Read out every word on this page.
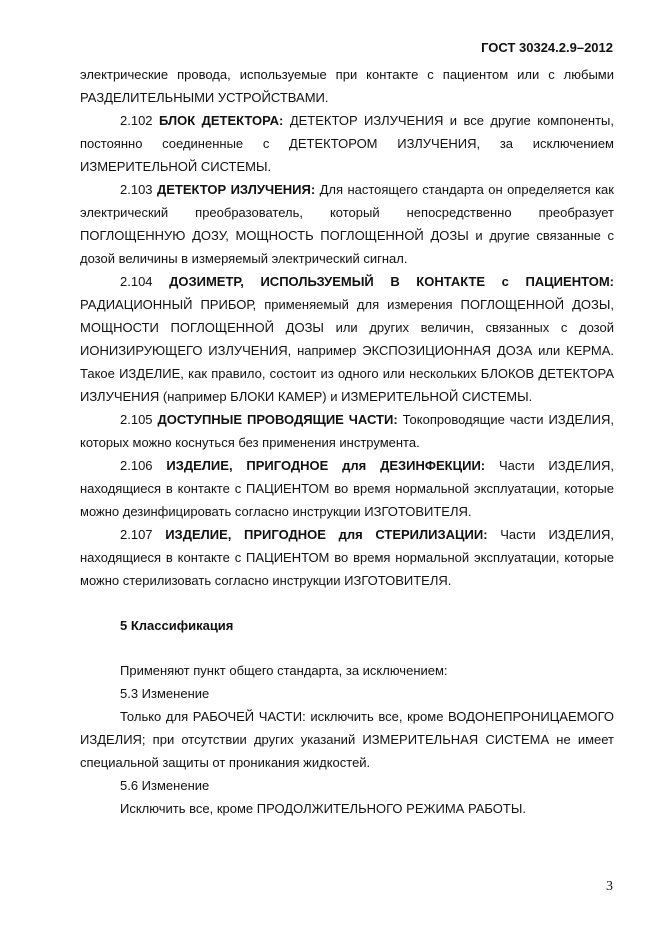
ГОСТ 30324.2.9–2012

электрические провода, используемые при контакте с пациентом или с любыми РАЗДЕЛИТЕЛЬНЫМИ УСТРОЙСТВАМИ.

2.102 БЛОК ДЕТЕКТОРА: ДЕТЕКТОР ИЗЛУЧЕНИЯ и все другие компоненты, постоянно соединенные с ДЕТЕКТОРОМ ИЗЛУЧЕНИЯ, за исключением ИЗМЕРИТЕЛЬНОЙ СИСТЕМЫ.

2.103 ДЕТЕКТОР ИЗЛУЧЕНИЯ: Для настоящего стандарта он определяется как электрический преобразователь, который непосредственно преобразует ПОГЛОЩЕННУЮ ДОЗУ, МОЩНОСТЬ ПОГЛОЩЕННОЙ ДОЗЫ и другие связанные с дозой величины в измеряемый электрический сигнал.

2.104 ДОЗИМЕТР, ИСПОЛЬЗУЕМЫЙ В КОНТАКТЕ с ПАЦИЕНТОМ: РАДИАЦИОННЫЙ ПРИБОР, применяемый для измерения ПОГЛОЩЕННОЙ ДОЗЫ, МОЩНОСТИ ПОГЛОЩЕННОЙ ДОЗЫ или других величин, связанных с дозой ИОНИЗИРУЮЩЕГО ИЗЛУЧЕНИЯ, например ЭКСПОЗИЦИОННАЯ ДОЗА или КЕРМА. Такое ИЗДЕЛИЕ, как правило, состоит из одного или нескольких БЛОКОВ ДЕТЕКТОРА ИЗЛУЧЕНИЯ (например БЛОКИ КАМЕР) и ИЗМЕРИТЕЛЬНОЙ СИСТЕМЫ.

2.105 ДОСТУПНЫЕ ПРОВОДЯЩИЕ ЧАСТИ: Токопроводящие части ИЗДЕЛИЯ, которых можно коснуться без применения инструмента.

2.106 ИЗДЕЛИЕ, ПРИГОДНОЕ для ДЕЗИНФЕКЦИИ: Части ИЗДЕЛИЯ, находящиеся в контакте с ПАЦИЕНТОМ во время нормальной эксплуатации, которые можно дезинфицировать согласно инструкции ИЗГОТОВИТЕЛЯ.

2.107 ИЗДЕЛИЕ, ПРИГОДНОЕ для СТЕРИЛИЗАЦИИ: Части ИЗДЕЛИЯ, находящиеся в контакте с ПАЦИЕНТОМ во время нормальной эксплуатации, которые можно стерилизовать согласно инструкции ИЗГОТОВИТЕЛЯ.

5 Классификация

Применяют пункт общего стандарта, за исключением:

5.3 Изменение

Только для РАБОЧЕЙ ЧАСТИ: исключить все, кроме ВОДОНЕПРОНИЦАЕМОГО ИЗДЕЛИЯ; при отсутствии других указаний ИЗМЕРИТЕЛЬНАЯ СИСТЕМА не имеет специальной защиты от проникания жидкостей.

5.6 Изменение

Исключить все, кроме ПРОДОЛЖИТЕЛЬНОГО РЕЖИМА РАБОТЫ.

3
